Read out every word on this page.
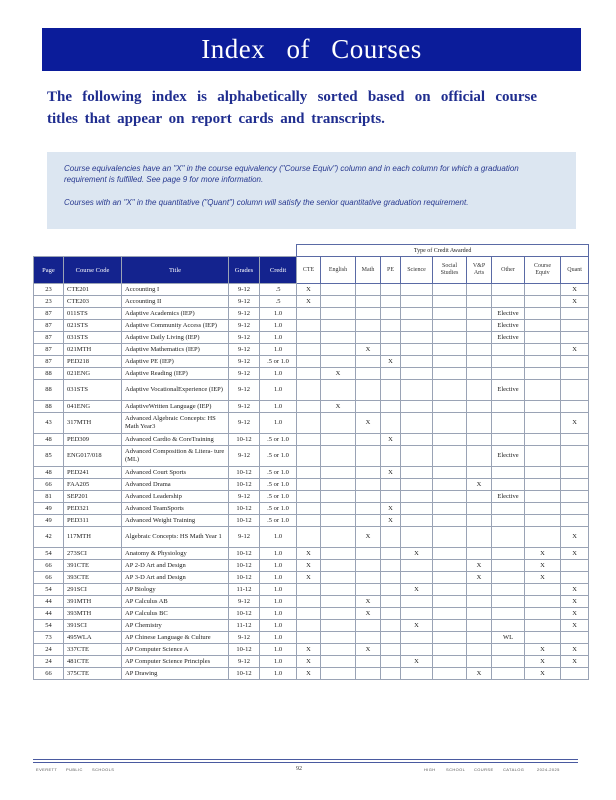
Index of Courses

The following index is alphabetically sorted based on official course titles that appear on report cards and transcripts.

Course equivalencies have an "X" in the course equivalency ("Course Equiv") column and in each column for which a graduation requirement is fulfilled. See page 9 for more information.

Courses with an "X" in the quantitative ("Quant") column will satisfy the senior quantitative graduation requirement.

					Type of Credit Awarded									
Page	Course Code	Title	Grades	Credit	CTE	English	Math	PE	Science	Social Studies	V&P Arts	Other	Course Equiv	Quant
23	CTE201	Accounting I	9-12	.5	X									X
23	CTE203	Accounting II	9-12	.5	X									X
87	011STS	Adaptive Academics (IEP)	9-12	1.0								Elective		
87	021STS	Adaptive Community Access (IEP)	9-12	1.0								Elective		
87	031STS	Adaptive Daily Living (IEP)	9-12	1.0								Elective		
87	021MTH	Adaptive Mathematics (IEP)	9-12	1.0			X							X
87	PED218	Adaptive PE (IEP)	9-12	.5 or 1.0				X						
88	021ENG	Adaptive Reading (IEP)	9-12	1.0		X								
88	031STS	Adaptive VocationalExperience (IEP)	9-12	1.0								Elective		
88	041ENG	AdaptiveWritten Language (IEP)	9-12	1.0		X								
43	317MTH	Advanced Algebraic Concepts: HS Math Year3	9-12	1.0			X							X
48	PED309	Advanced Cardio & CoreTraining	10-12	.5 or 1.0				X						
85	ENG017/018	Advanced Composition & Litera- ture (ML)	9-12	.5 or 1.0								Elective		
48	PED241	Advanced Court Sports	10-12	.5 or 1.0				X						
66	FAA205	Advanced Drama	10-12	.5 or 1.0							X			
81	SEP201	Advanced Leadership	9-12	.5 or 1.0								Elective		
49	PED321	Advanced TeamSports	10-12	.5 or 1.0				X						
49	PED311	Advanced Weight Training	10-12	.5 or 1.0				X						
42	117MTH	Algebraic Concepts: HS Math Year 1	9-12	1.0			X							X
54	273SCI	Anatomy & Physiology	10-12	1.0	X				X				X	X
66	391CTE	AP 2-D Art and Design	10-12	1.0	X						X		X	
66	393CTE	AP 3-D Art and Design	10-12	1.0	X						X		X	
54	291SCI	AP Biology	11-12	1.0					X					X
44	391MTH	AP Calculus AB	9-12	1.0			X							X
44	393MTH	AP Calculus BC	10-12	1.0			X							X
54	391SCI	AP Chemistry	11-12	1.0					X					X
73	495WLA	AP Chinese Language & Culture	9-12	1.0								WL		
24	337CTE	AP Computer Science A	10-12	1.0	X		X						X	X
24	481CTE	AP Computer Science Principles	9-12	1.0	X				X				X	X
66	375CTE	AP Drawing	10-12	1.0	X						X		X	
EVERETT PUBLIC SCHOOLS	92	HIGH	SCHOOL COURSE CATALOG	2024-2025
